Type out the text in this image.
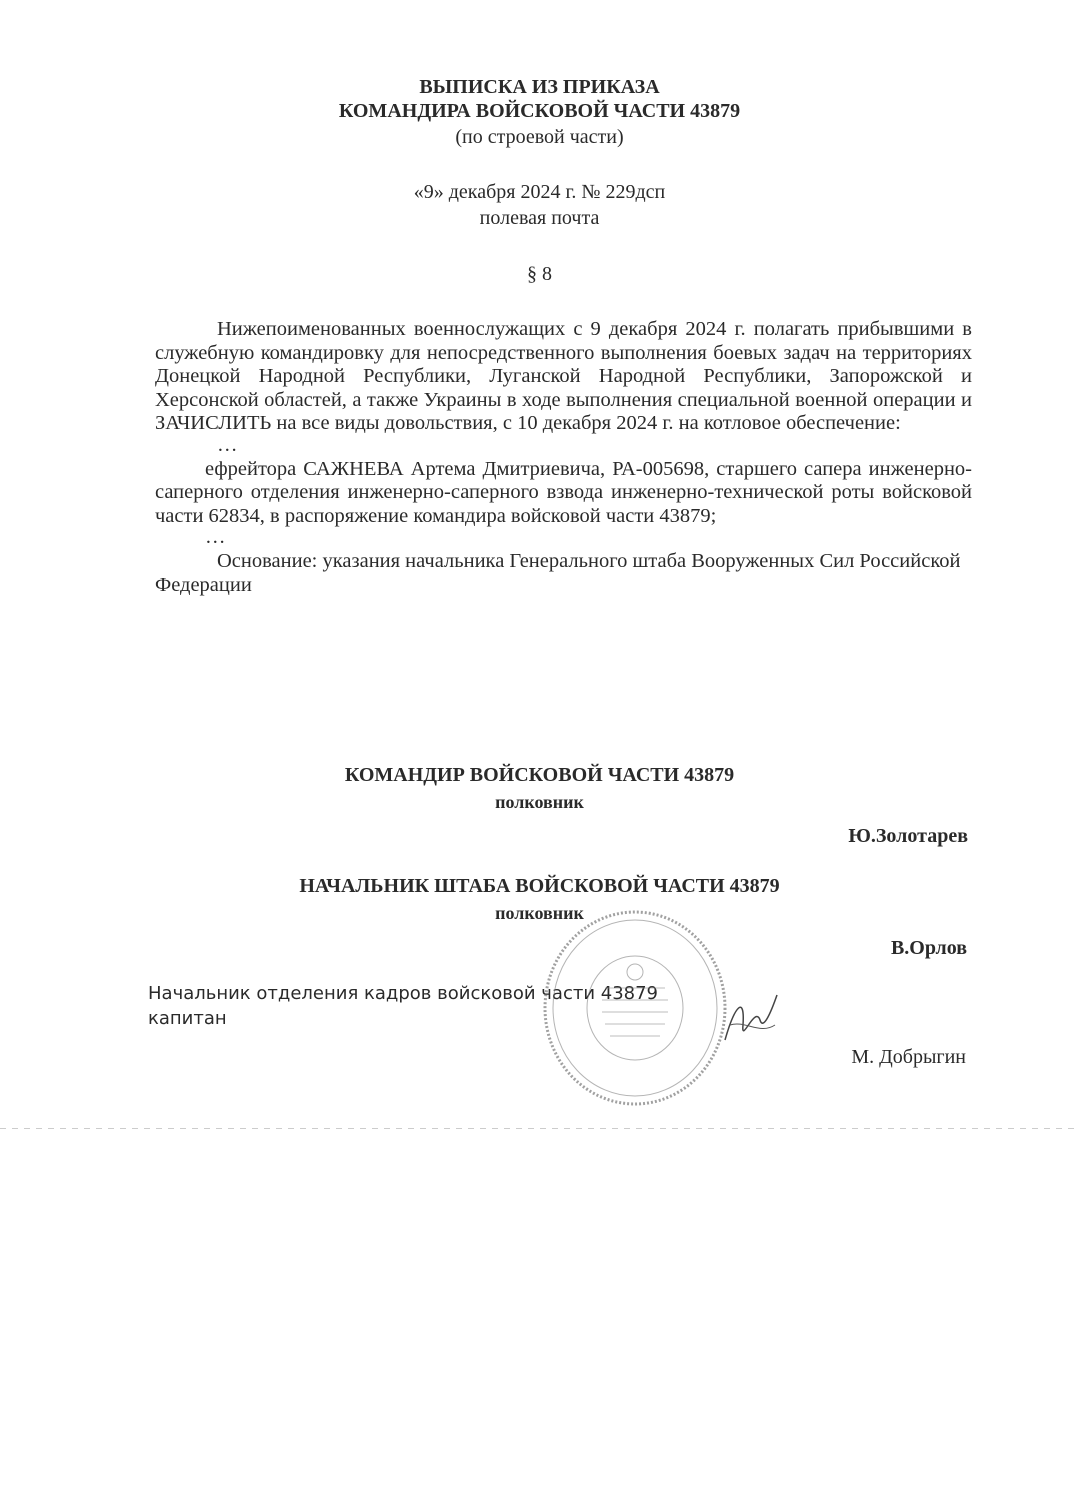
ВЫПИСКА ИЗ ПРИКАЗА
КОМАНДИРА ВОЙСКОВОЙ ЧАСТИ 43879
(по строевой части)
«9» декабря 2024 г. № 229дсп
полевая почта
§ 8

Нижепоименованных военнослужащих с 9 декабря 2024 г. полагать прибывшими в служебную командировку для непосредственного выполнения боевых задач на территориях Донецкой Народной Республики, Луганской Народной Республики, Запорожской и Херсонской областей, а также Украины в ходе выполнения специальной военной операции и ЗАЧИСЛИТЬ на все виды довольствия, с 10 декабря 2024 г. на котловое обеспечение:

…

ефрейтора САЖНЕВА Артема Дмитриевича, РА-005698, старшего сапера инженерно-саперного отделения инженерно-саперного взвода инженерно-технической роты войсковой части 62834, в распоряжение командира войсковой части 43879;

…

Основание: указания начальника Генерального штаба Вооруженных Сил Российской Федерации

КОМАНДИР ВОЙСКОВОЙ ЧАСТИ 43879
полковник
Ю.Золотарев
НАЧАЛЬНИК ШТАБА ВОЙСКОВОЙ ЧАСТИ 43879
полковник
В.Орлов
Начальник отделения кадров войсковой части 43879
капитан
М. Добрыгин
